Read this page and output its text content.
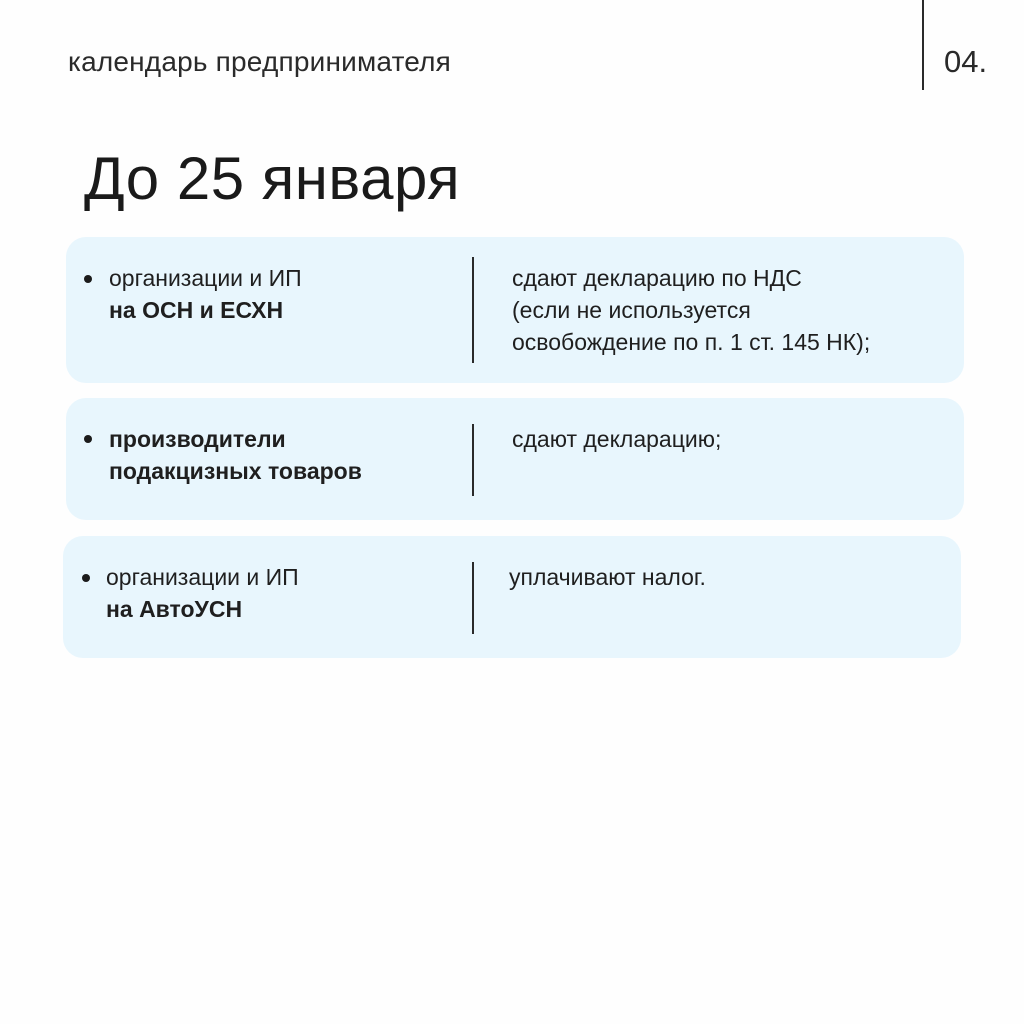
календарь предпринимателя	04.
До 25 января
организации и ИП
на ОСН и ЕСХН
сдают декларацию по НДС
(если не используется
освобождение по п. 1 ст. 145 НК);
производители
подакцизных товаров
сдают декларацию;
организации и ИП
на АвтоУСН
уплачивают налог.
